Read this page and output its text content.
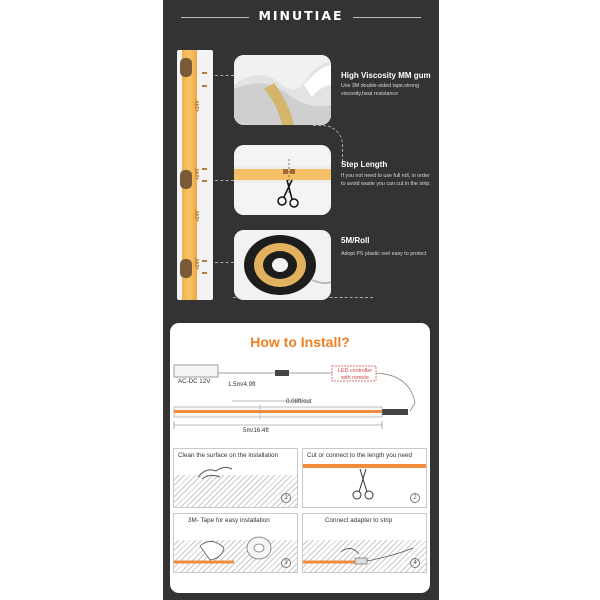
MINUTIAE
+24V
+24V
+24V
+24V
High Viscosity MM gum
Use 3M double-sided tape,strong viscosity,heat resistance
Step Length
If you not need to use full roll, in order to avoid waste you can cut in the strip.
5M/Roll
Adopt PS plastic reel easy to protect
How to Install?
AC-DC 12V	1.5m/4.9ft
LED controller with remote
0.08ft/cut
5m/16.4ft
Clean the surface on the installation
1
Cut or connect to the length you need
2
3M- Tape for easy installation
3
Connect adapter to strip
4
